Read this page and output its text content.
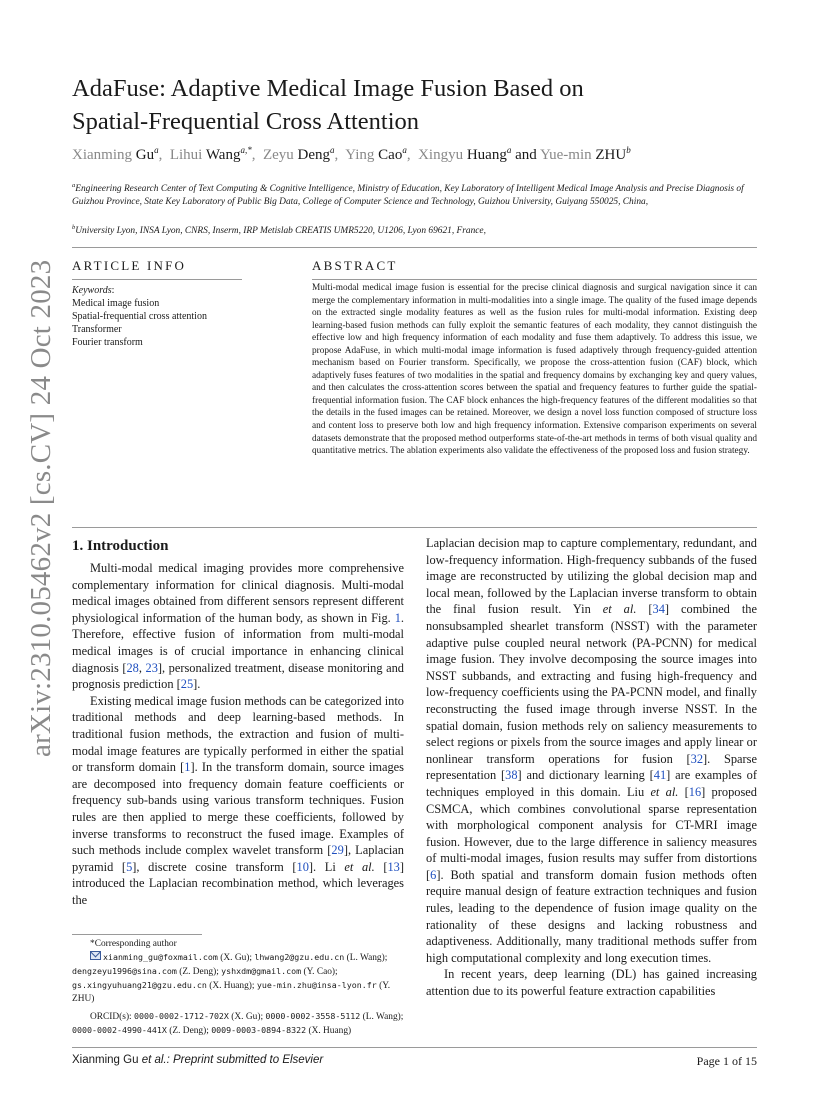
arXiv:2310.05462v2 [cs.CV] 24 Oct 2023
AdaFuse: Adaptive Medical Image Fusion Based on
Spatial-Frequential Cross Attention
Xianming Gu$^a$,  Lihui Wang$^{a,*}$,  Zeyu Deng$^a$,  Ying Cao$^a$,  Xingyu Huang$^a$ and Yue-min ZHU$^b$
$^a$Engineering Research Center of Text Computing & Cognitive Intelligence, Ministry of Education, Key Laboratory of Intelligent Medical Image Analysis and Precise Diagnosis of Guizhou Province, State Key Laboratory of Public Big Data, College of Computer Science and Technology, Guizhou University, Guiyang 550025, China,
$^b$University Lyon, INSA Lyon, CNRS, Inserm, IRP Metislab CREATIS UMR5220, U1206, Lyon 69621, France,
ARTICLE INFO
Keywords:
Medical image fusion
Spatial-frequential cross attention
Transformer
Fourier transform
ABSTRACT
Multi-modal medical image fusion is essential for the precise clinical diagnosis and surgical navigation since it can merge the complementary information in multi-modalities into a single image. The quality of the fused image depends on the extracted single modality features as well as the fusion rules for multi-modal information. Existing deep learning-based fusion methods can fully exploit the semantic features of each modality, they cannot distinguish the effective low and high frequency information of each modality and fuse them adaptively. To address this issue, we propose AdaFuse, in which multi-modal image information is fused adaptively through frequency-guided attention mechanism based on Fourier transform. Specifically, we propose the cross-attention fusion (CAF) block, which adaptively fuses features of two modalities in the spatial and frequency domains by exchanging key and query values, and then calculates the cross-attention scores between the spatial and frequency features to further guide the spatial-frequential information fusion. The CAF block enhances the high-frequency features of the different modalities so that the details in the fused images can be retained. Moreover, we design a novel loss function composed of structure loss and content loss to preserve both low and high frequency information. Extensive comparison experiments on several datasets demonstrate that the proposed method outperforms state-of-the-art methods in terms of both visual quality and quantitative metrics. The ablation experiments also validate the effectiveness of the proposed loss and fusion strategy.
1. Introduction

Multi-modal medical imaging provides more comprehensive complementary information for clinical diagnosis. Multi-modal medical images obtained from different sensors represent different physiological information of the human body, as shown in Fig. 1. Therefore, effective fusion of information from multi-modal medical images is of crucial importance in enhancing clinical diagnosis [28, 23], personalized treatment, disease monitoring and prognosis prediction [25].

Existing medical image fusion methods can be categorized into traditional methods and deep learning-based methods. In traditional fusion methods, the extraction and fusion of multi-modal image features are typically performed in either the spatial or transform domain [1]. In the transform domain, source images are decomposed into frequency domain feature coefficients or frequency sub-bands using various transform techniques. Fusion rules are then applied to merge these coefficients, followed by inverse transforms to reconstruct the fused image. Examples of such methods include complex wavelet transform [29], Laplacian pyramid [5], discrete cosine transform [10]. Li et al. [13] introduced the Laplacian recombination method, which leverages the

*Corresponding author

xianming_gu@foxmail.com (X. Gu); lhwang2@gzu.edu.cn (L. Wang); dengzeyu1996@sina.com (Z. Deng); yshxdm@gmail.com (Y. Cao); gs.xingyuhuang21@gzu.edu.cn (X. Huang); yue-min.zhu@insa-lyon.fr (Y. ZHU)

ORCID(s): 0000-0002-1712-702X (X. Gu); 0000-0002-3558-5112 (L. Wang); 0000-0002-4990-441X (Z. Deng); 0009-0003-0894-8322 (X. Huang)

Laplacian decision map to capture complementary, redundant, and low-frequency information. High-frequency subbands of the fused image are reconstructed by utilizing the global decision map and local mean, followed by the Laplacian inverse transform to obtain the final fusion result. Yin et al. [34] combined the nonsubsampled shearlet transform (NSST) with the parameter adaptive pulse coupled neural network (PA-PCNN) for medical image fusion. They involve decomposing the source images into NSST subbands, and extracting and fusing high-frequency and low-frequency coefficients using the PA-PCNN model, and finally reconstructing the fused image through inverse NSST. In the spatial domain, fusion methods rely on saliency measurements to select regions or pixels from the source images and apply linear or nonlinear transform operations for fusion [32]. Sparse representation [38] and dictionary learning [41] are examples of techniques employed in this domain. Liu et al. [16] proposed CSMCA, which combines convolutional sparse representation with morphological component analysis for CT-MRI image fusion. However, due to the large difference in saliency measures of multi-modal images, fusion results may suffer from distortions [6]. Both spatial and transform domain fusion methods often require manual design of feature extraction techniques and fusion rules, leading to the dependence of fusion image quality on the rationality of these designs and lacking robustness and adaptiveness. Additionally, many traditional methods suffer from high computational complexity and long execution times.

In recent years, deep learning (DL) has gained increasing attention due to its powerful feature extraction capabilities

Xianming Gu et al.: Preprint submitted to Elsevier	Page 1 of 15
